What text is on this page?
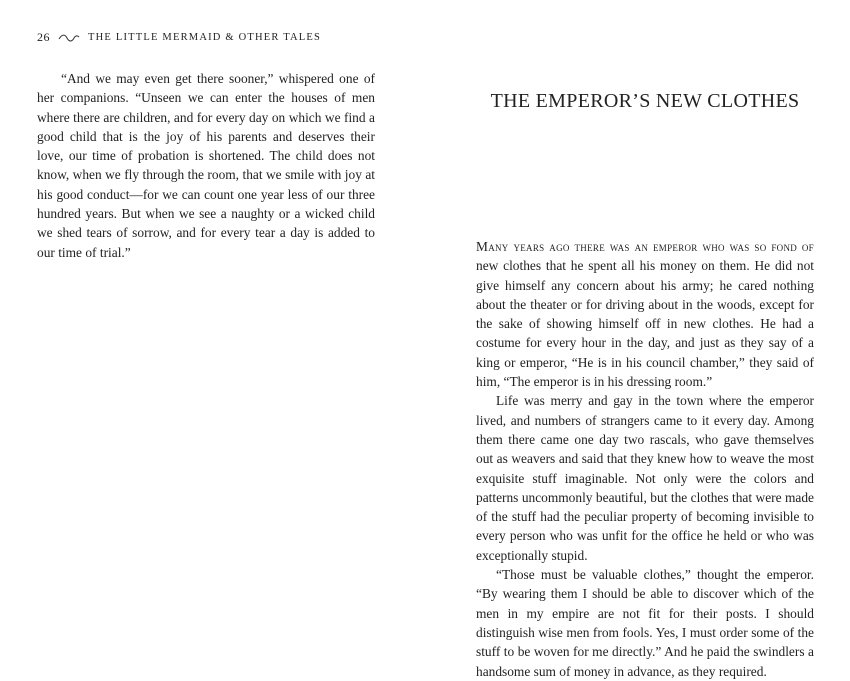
26	THE LITTLE MERMAID & OTHER TALES

“And we may even get there sooner,” whispered one of her companions. “Unseen we can enter the houses of men where there are children, and for every day on which we find a good child that is the joy of his parents and deserves their love, our time of probation is shortened. The child does not know, when we fly through the room, that we smile with joy at his good conduct—for we can count one year less of our three hundred years. But when we see a naughty or a wicked child we shed tears of sorrow, and for every tear a day is added to our time of trial.”

THE EMPEROR’S NEW CLOTHES

Many years ago there was an emperor who was so fond of new clothes that he spent all his money on them. He did not give himself any concern about his army; he cared nothing about the theater or for driving about in the woods, except for the sake of showing himself off in new clothes. He had a costume for every hour in the day, and just as they say of a king or emperor, “He is in his council chamber,” they said of him, “The emperor is in his dressing room.”

Life was merry and gay in the town where the emperor lived, and numbers of strangers came to it every day. Among them there came one day two rascals, who gave themselves out as weavers and said that they knew how to weave the most exquisite stuff imaginable. Not only were the colors and patterns uncommonly beautiful, but the clothes that were made of the stuff had the peculiar property of becoming invisible to every person who was unfit for the office he held or who was exceptionally stupid.

“Those must be valuable clothes,” thought the emperor. “By wearing them I should be able to discover which of the men in my empire are not fit for their posts. I should distinguish wise men from fools. Yes, I must order some of the stuff to be woven for me directly.” And he paid the swindlers a handsome sum of money in advance, as they required.
